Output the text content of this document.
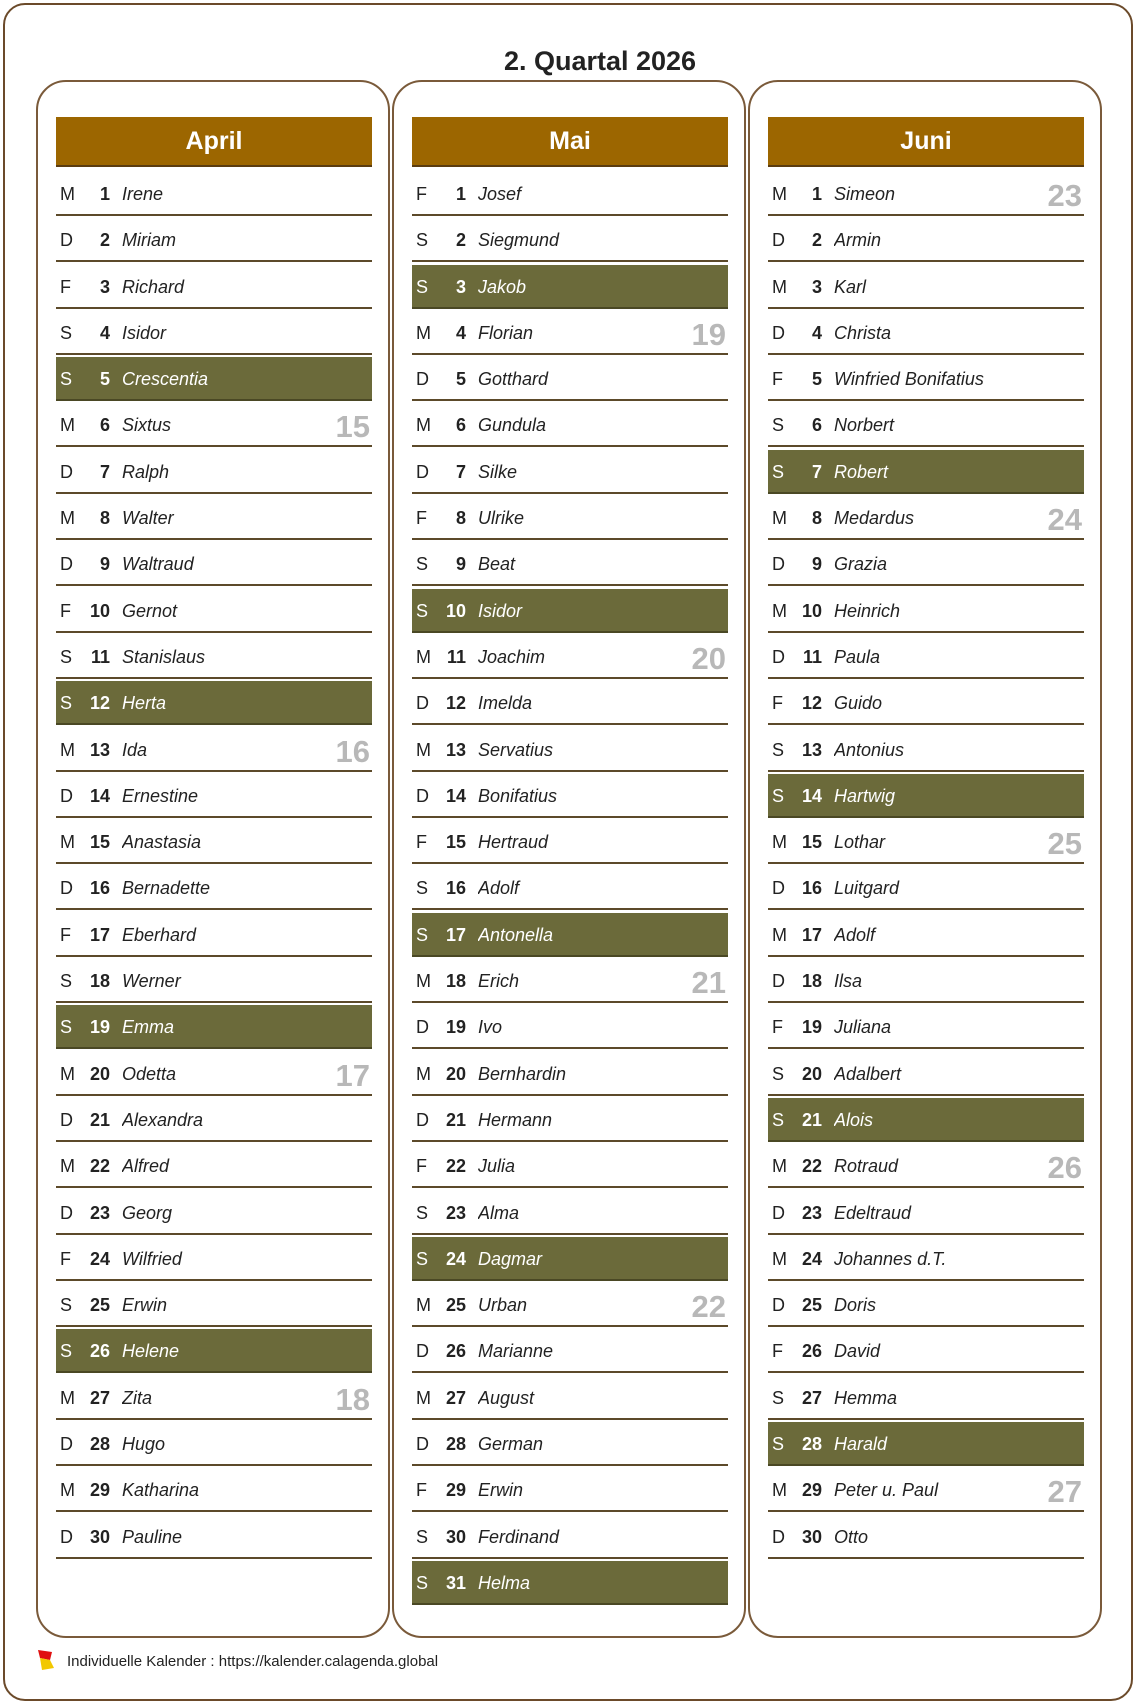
2. Quartal 2026
April
M	1 Irene
D	2 Miriam
F	3 Richard
S	4 Isidor
S	5 Crescentia
M	6 Sixtus	15
D	7 Ralph
M	8 Walter
D	9 Waltraud
F	10 Gernot
S	11 Stanislaus
S 12 Herta
M 13 Ida	16
D 14 Ernestine
M 15 Anastasia
D 16 Bernadette
F	17 Eberhard
S 18 Werner
S 19 Emma
M 20 Odetta	17
D 21 Alexandra
M 22 Alfred
D 23 Georg
F	24 Wilfried
S 25 Erwin
S 26 Helene
M 27 Zita	18
D 28 Hugo
M 29 Katharina
D 30 Pauline
Mai
F	1 Josef
S	2 Siegmund
S	3 Jakob
M	4 Florian	19
D	5 Gotthard
M	6 Gundula
D	7 Silke
F	8 Ulrike
S	9 Beat
S 10 Isidor
M 11 Joachim	20
D 12 Imelda
M 13 Servatius
D 14 Bonifatius
F	15 Hertraud
S 16 Adolf
S 17 Antonella
M 18 Erich	21
D 19 Ivo
M 20 Bernhardin
D 21 Hermann
F	22 Julia
S 23 Alma
S 24 Dagmar
M 25 Urban	22
D 26 Marianne
M 27 August
D 28 German
F	29 Erwin
S 30 Ferdinand
S 31 Helma
Juni
M	1 Simeon	23
D	2 Armin
M	3 Karl
D	4 Christa
F	5 Winfried Bonifatius
S	6 Norbert
S	7 Robert
M	8 Medardus	24
D	9 Grazia
M 10 Heinrich
D 11 Paula
F	12 Guido
S 13 Antonius
S 14 Hartwig
M 15 Lothar	25
D 16 Luitgard
M 17 Adolf
D 18 Ilsa
F	19 Juliana
S 20 Adalbert
S 21 Alois
M 22 Rotraud	26
D 23 Edeltraud
M 24 Johannes d.T.
D 25 Doris
F	26 David
S 27 Hemma
S 28 Harald
M 29 Peter u. Paul	27
D 30 Otto
Individuelle Kalender : https://kalender.calagenda.global
